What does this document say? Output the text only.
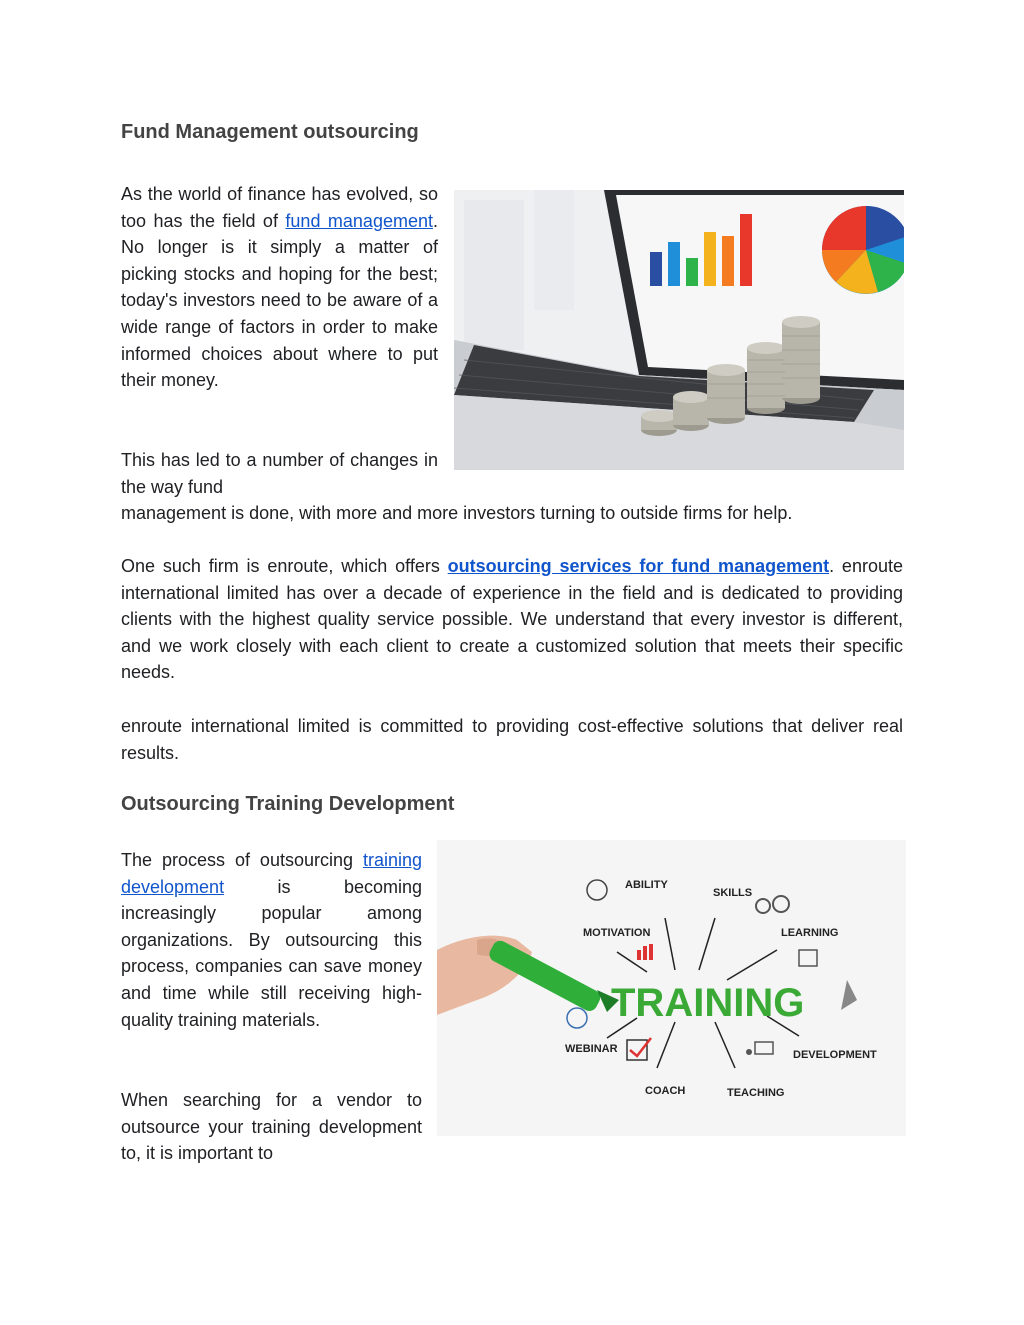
Fund Management outsourcing

As the world of finance has evolved, so too has the field of fund management. No longer is it simply a matter of picking stocks and hoping for the best; today's investors need to be aware of a wide range of factors in order to make informed choices about where to put their money.

This has led to a number of changes in the way fund
management is done, with more and more investors turning to outside firms for help.

One such firm is enroute, which offers outsourcing services for fund management. enroute international limited has over a decade of experience in the field and is dedicated to providing clients with the highest quality service possible. We understand that every investor is different, and we work closely with each client to create a customized solution that meets their specific needs.

enroute international limited is committed to providing cost-effective solutions that deliver real results.

Outsourcing Training Development

The process of outsourcing training development is becoming increasingly popular among organizations. By outsourcing this process, companies can save money and time while still receiving high-quality training materials.

When searching for a vendor to outsource your training development to, it is important to

ABILITY
SKILLS
MOTIVATION	LEARNING
WEBINAR	DEVELOPMENT
COACH	TEACHING
TRAINING
